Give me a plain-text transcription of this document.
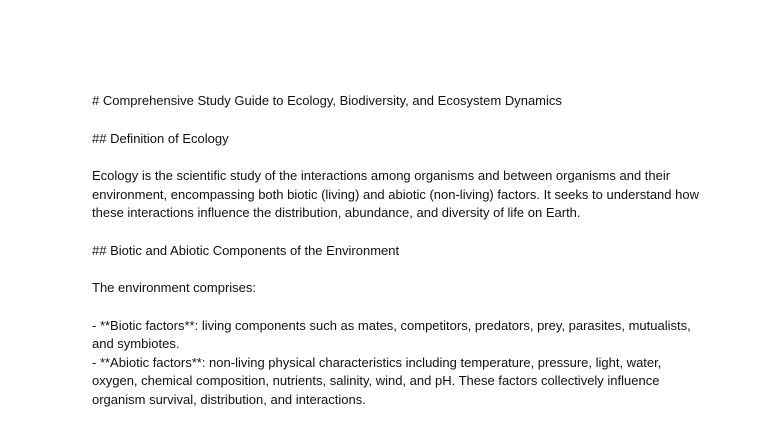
# Comprehensive Study Guide to Ecology, Biodiversity, and Ecosystem Dynamics

## Definition of Ecology

Ecology is the scientific study of the interactions among organisms and between organisms and their environment, encompassing both biotic (living) and abiotic (non-living) factors. It seeks to understand how these interactions influence the distribution, abundance, and diversity of life on Earth.

## Biotic and Abiotic Components of the Environment

The environment comprises:

- **Biotic factors**: living components such as mates, competitors, predators, prey, parasites, mutualists, and symbiotes.
- **Abiotic factors**: non-living physical characteristics including temperature, pressure, light, water, oxygen, chemical composition, nutrients, salinity, wind, and pH. These factors collectively influence organism survival, distribution, and interactions.
